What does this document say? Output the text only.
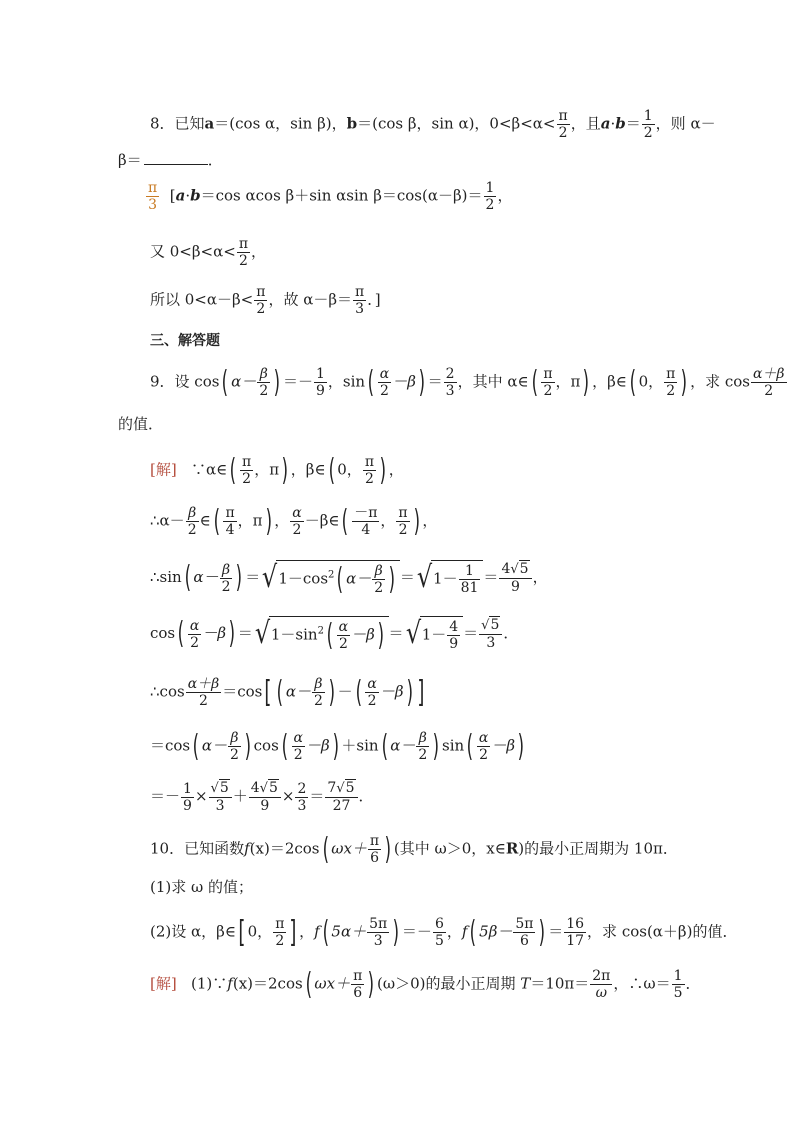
8．已知a＝(cos α，sin β)，b＝(cos β，sin α)，$0<\beta<\alpha< \frac{\pi}{2}$ ，且$a\cdot b= \frac{1}{2}$ ，则 α－
β＝	．
$\frac{\pi}{3} [a\cdot b=\cos$ αcos β＋sin αsin $\beta=\cos(\alpha-\beta)= \frac{1}{2}$ ，
又 $0<\beta<\alpha< \frac{\pi}{2}$ ，
所以 $0<\alpha-\beta< \frac{\pi}{2}$ ，故 $\alpha-\beta= \frac{\pi}{3}$ ．]
三、解答题
9．设 cos( $\alpha- \frac{\beta}{2}$ ) ＝－ $\frac{1}{9}$ ，$\sin( \frac{\alpha}{2} -\beta) = \frac{2}{3}$ ，其中 α∈( $\frac{\pi}{2}$ ，π) ，β∈( 0， $\frac{\pi}{2}$ ) ，求 $\cos \frac{\alpha+\beta}{2}$
的值．
[解] ∵α∈( $\frac{\pi}{2}$ ，π) ，β∈( 0， $\frac{\pi}{2}$ ) ，
∴α－ $\frac{\beta}{2}$ ∈( $\frac{\pi}{4}$ ，π) ， $\frac{\alpha}{2}$ －β∈( $\frac{-\pi}{4}$ ， $\frac{\pi}{2}$ ) ，
∴sin( $\alpha- \frac{\beta}{2}$ ) $=√1-\cos^2$( $\alpha- \frac{\beta}{2}$ ) $=√1- \frac{1}{81} = \frac{4√5}{9}$ ，
$\cos( \frac{\alpha}{2} -\beta) =√1-\sin^2( \frac{\alpha}{2} -\beta) =√1- \frac{4}{9} = \frac{√5}{3}$ ．
∴cos $\frac{\alpha+\beta}{2} =\cos$[ ( $\alpha- \frac{\beta}{2}$ ) －( $\frac{\alpha}{2} -\beta$) ]
＝cos( $\alpha- \frac{\beta}{2}$ ) $\cos( \frac{\alpha}{2} -\beta) +\sin$( $\alpha- \frac{\beta}{2}$ ) $\sin( \frac{\alpha}{2} -\beta)$
＝－ $\frac{1}{9} \times \frac{√5}{3} + \frac{4√5}{9} \times \frac{2}{3} = \frac{7√5}{27}$ ．
10．已知函数f(x)＝2cos( $\omega x+ \frac{\pi}{6}$ ) (其中 ω＞0，x∈R)的最小正周期为 10π．
(1)求 ω 的值；
(2)设 α，β∈[ 0， $\frac{\pi}{2}$ ] ，f( $5\alpha+ \frac{5\pi}{3}$ ) ＝－ $\frac{6}{5}$ ，f( $5\beta- \frac{5\pi}{6}$ ) ＝ $\frac{16}{17}$ ，求 cos(α＋β)的值．
[解] (1)∵f(x)＝2cos( $\omega x+ \frac{\pi}{6}$ ) (ω＞0)的最小正周期 $T=10\pi= \frac{2\pi}{\omega}$ ，∴ω＝ $\frac{1}{5}$ ．
